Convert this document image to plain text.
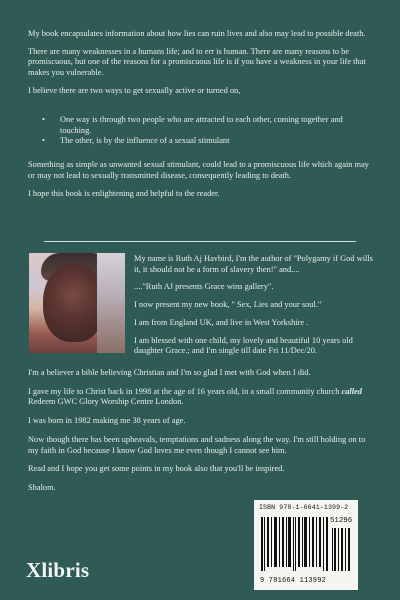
My book encapsulates information about how lies can ruin lives and also may lead to possible death.

There are many weaknesses in a humans life; and to err is human. There are many reasons to be promiscuous, but one of the reasons for a promiscuous life is if you have a weakness in your life that makes you vulnerable.

I believe there are two ways to get sexually active or turned on,

•	One way is through two people who are attracted to each other, coming together and touching.
•	The other, is by the influence of a sexual stimulant

Something as simple as unwanted sexual stimulant, could lead to a promiscuous life which again may or may not lead to sexually transmitted disease, consequently leading to death.

I hope this book is enlightening and helpful to the reader.

My name is Ruth Aj Havbird, I'm the author of "Polygamy if God wills it, it should not be a form of slavery then!" and....

...."Ruth AJ presents Grace wins gallery".

I now present my new book, " Sex, Lies and your soul."

I am from England UK, and live in West Yorkshire .

I am blessed with one child, my lovely and beautiful 10 years old daughter Grace.; and I'm single till date Fri 11/Dec/20.

I'm a believer a bible believing Christian and I'm so glad I met with God when I did.

I gave my life to Christ back in 1998 at the age of 16 years old, in a small community church called Redeem GWC Glory Worship Centre London.

I was born in 1982 making me 38 years of age.

Now though there has been upheavals, temptations and sadness along the way. I'm still holding on to my faith in God because I know God loves me even though I cannot see him.

Read and I hope you get some points in my book also that you'll be inspired.

Shalom.

Xlibris
ISBN 978-1-6641-1399-2
51296
9 781664 113992
